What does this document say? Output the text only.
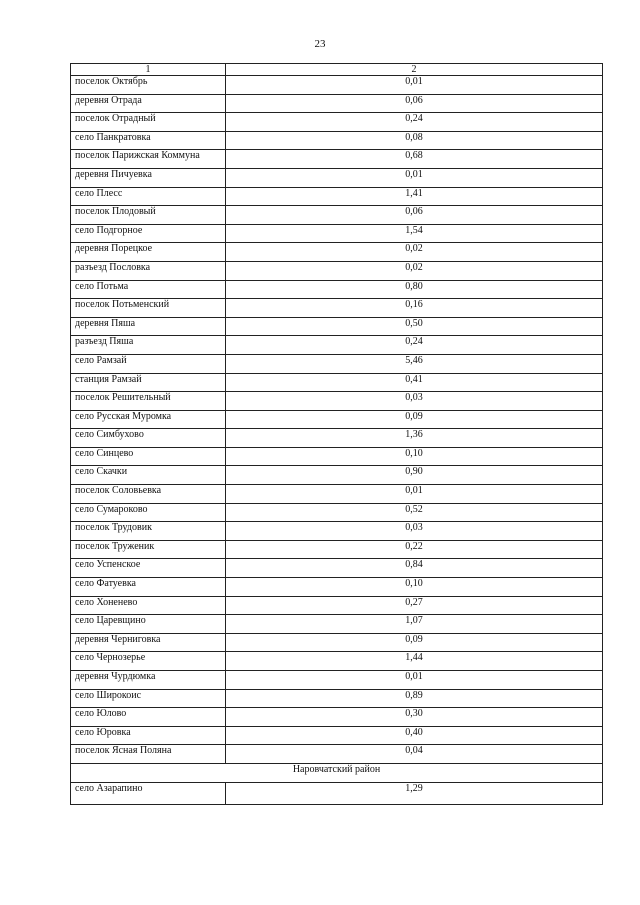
23
1	2
поселок Октябрь	0,01
деревня Отрада	0,06
поселок Отрадный	0,24
село Панкратовка	0,08
поселок Парижская Коммуна	0,68
деревня Пичуевка	0,01
село Плесс	1,41
поселок Плодовый	0,06
село Подгорное	1,54
деревня Порецкое	0,02
разъезд Пословка	0,02
село Потьма	0,80
поселок Потьменский	0,16
деревня Пяша	0,50
разъезд Пяша	0,24
село Рамзай	5,46
станция Рамзай	0,41
поселок Решительный	0,03
село Русская Муромка	0,09
село Симбухово	1,36
село Синцево	0,10
село Скачки	0,90
поселок Соловьевка	0,01
село Сумароково	0,52
поселок Трудовик	0,03
поселок Труженик	0,22
село Успенское	0,84
село Фатуевка	0,10
село Хоненево	0,27
село Царевщино	1,07
деревня Черниговка	0,09
село Чернозерье	1,44
деревня Чурдюмка	0,01
село Широкоис	0,89
село Юлово	0,30
село Юровка	0,40
поселок Ясная Поляна	0,04
Наровчатский район	
село Азарапино	1,29
